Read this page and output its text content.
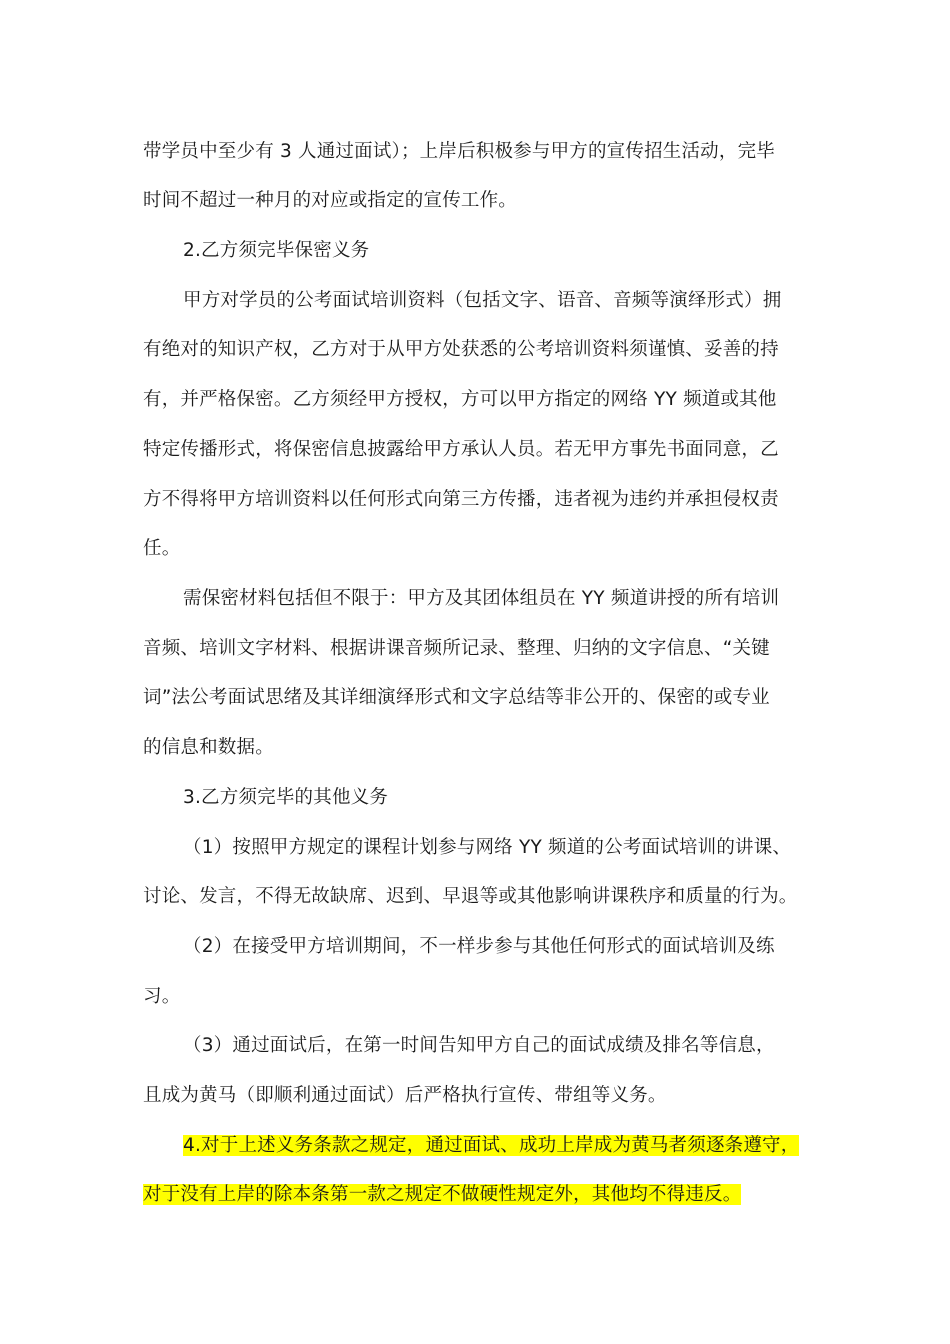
带学员中至少有 3 人通过面试）；上岸后积极参与甲方的宣传招生活动，完毕
时间不超过一种月的对应或指定的宣传工作。
2.乙方须完毕保密义务
甲方对学员的公考面试培训资料（包括文字、语音、音频等演绎形式）拥
有绝对的知识产权，乙方对于从甲方处获悉的公考培训资料须谨慎、妥善的持
有，并严格保密。乙方须经甲方授权，方可以甲方指定的网络 YY 频道或其他
特定传播形式，将保密信息披露给甲方承认人员。若无甲方事先书面同意，乙
方不得将甲方培训资料以任何形式向第三方传播，违者视为违约并承担侵权责
任。
需保密材料包括但不限于：甲方及其团体组员在 YY 频道讲授的所有培训
音频、培训文字材料、根据讲课音频所记录、整理、归纳的文字信息、“关键
词”法公考面试思绪及其详细演绎形式和文字总结等非公开的、保密的或专业
的信息和数据。
3.乙方须完毕的其他义务
（1）按照甲方规定的课程计划参与网络 YY 频道的公考面试培训的讲课、
讨论、发言，不得无故缺席、迟到、早退等或其他影响讲课秩序和质量的行为。
（2）在接受甲方培训期间，不一样步参与其他任何形式的面试培训及练
习。
（3）通过面试后，在第一时间告知甲方自己的面试成绩及排名等信息，
且成为黄马（即顺利通过面试）后严格执行宣传、带组等义务。
4.对于上述义务条款之规定，通过面试、成功上岸成为黄马者须逐条遵守，
对于没有上岸的除本条第一款之规定不做硬性规定外，其他均不得违反。
